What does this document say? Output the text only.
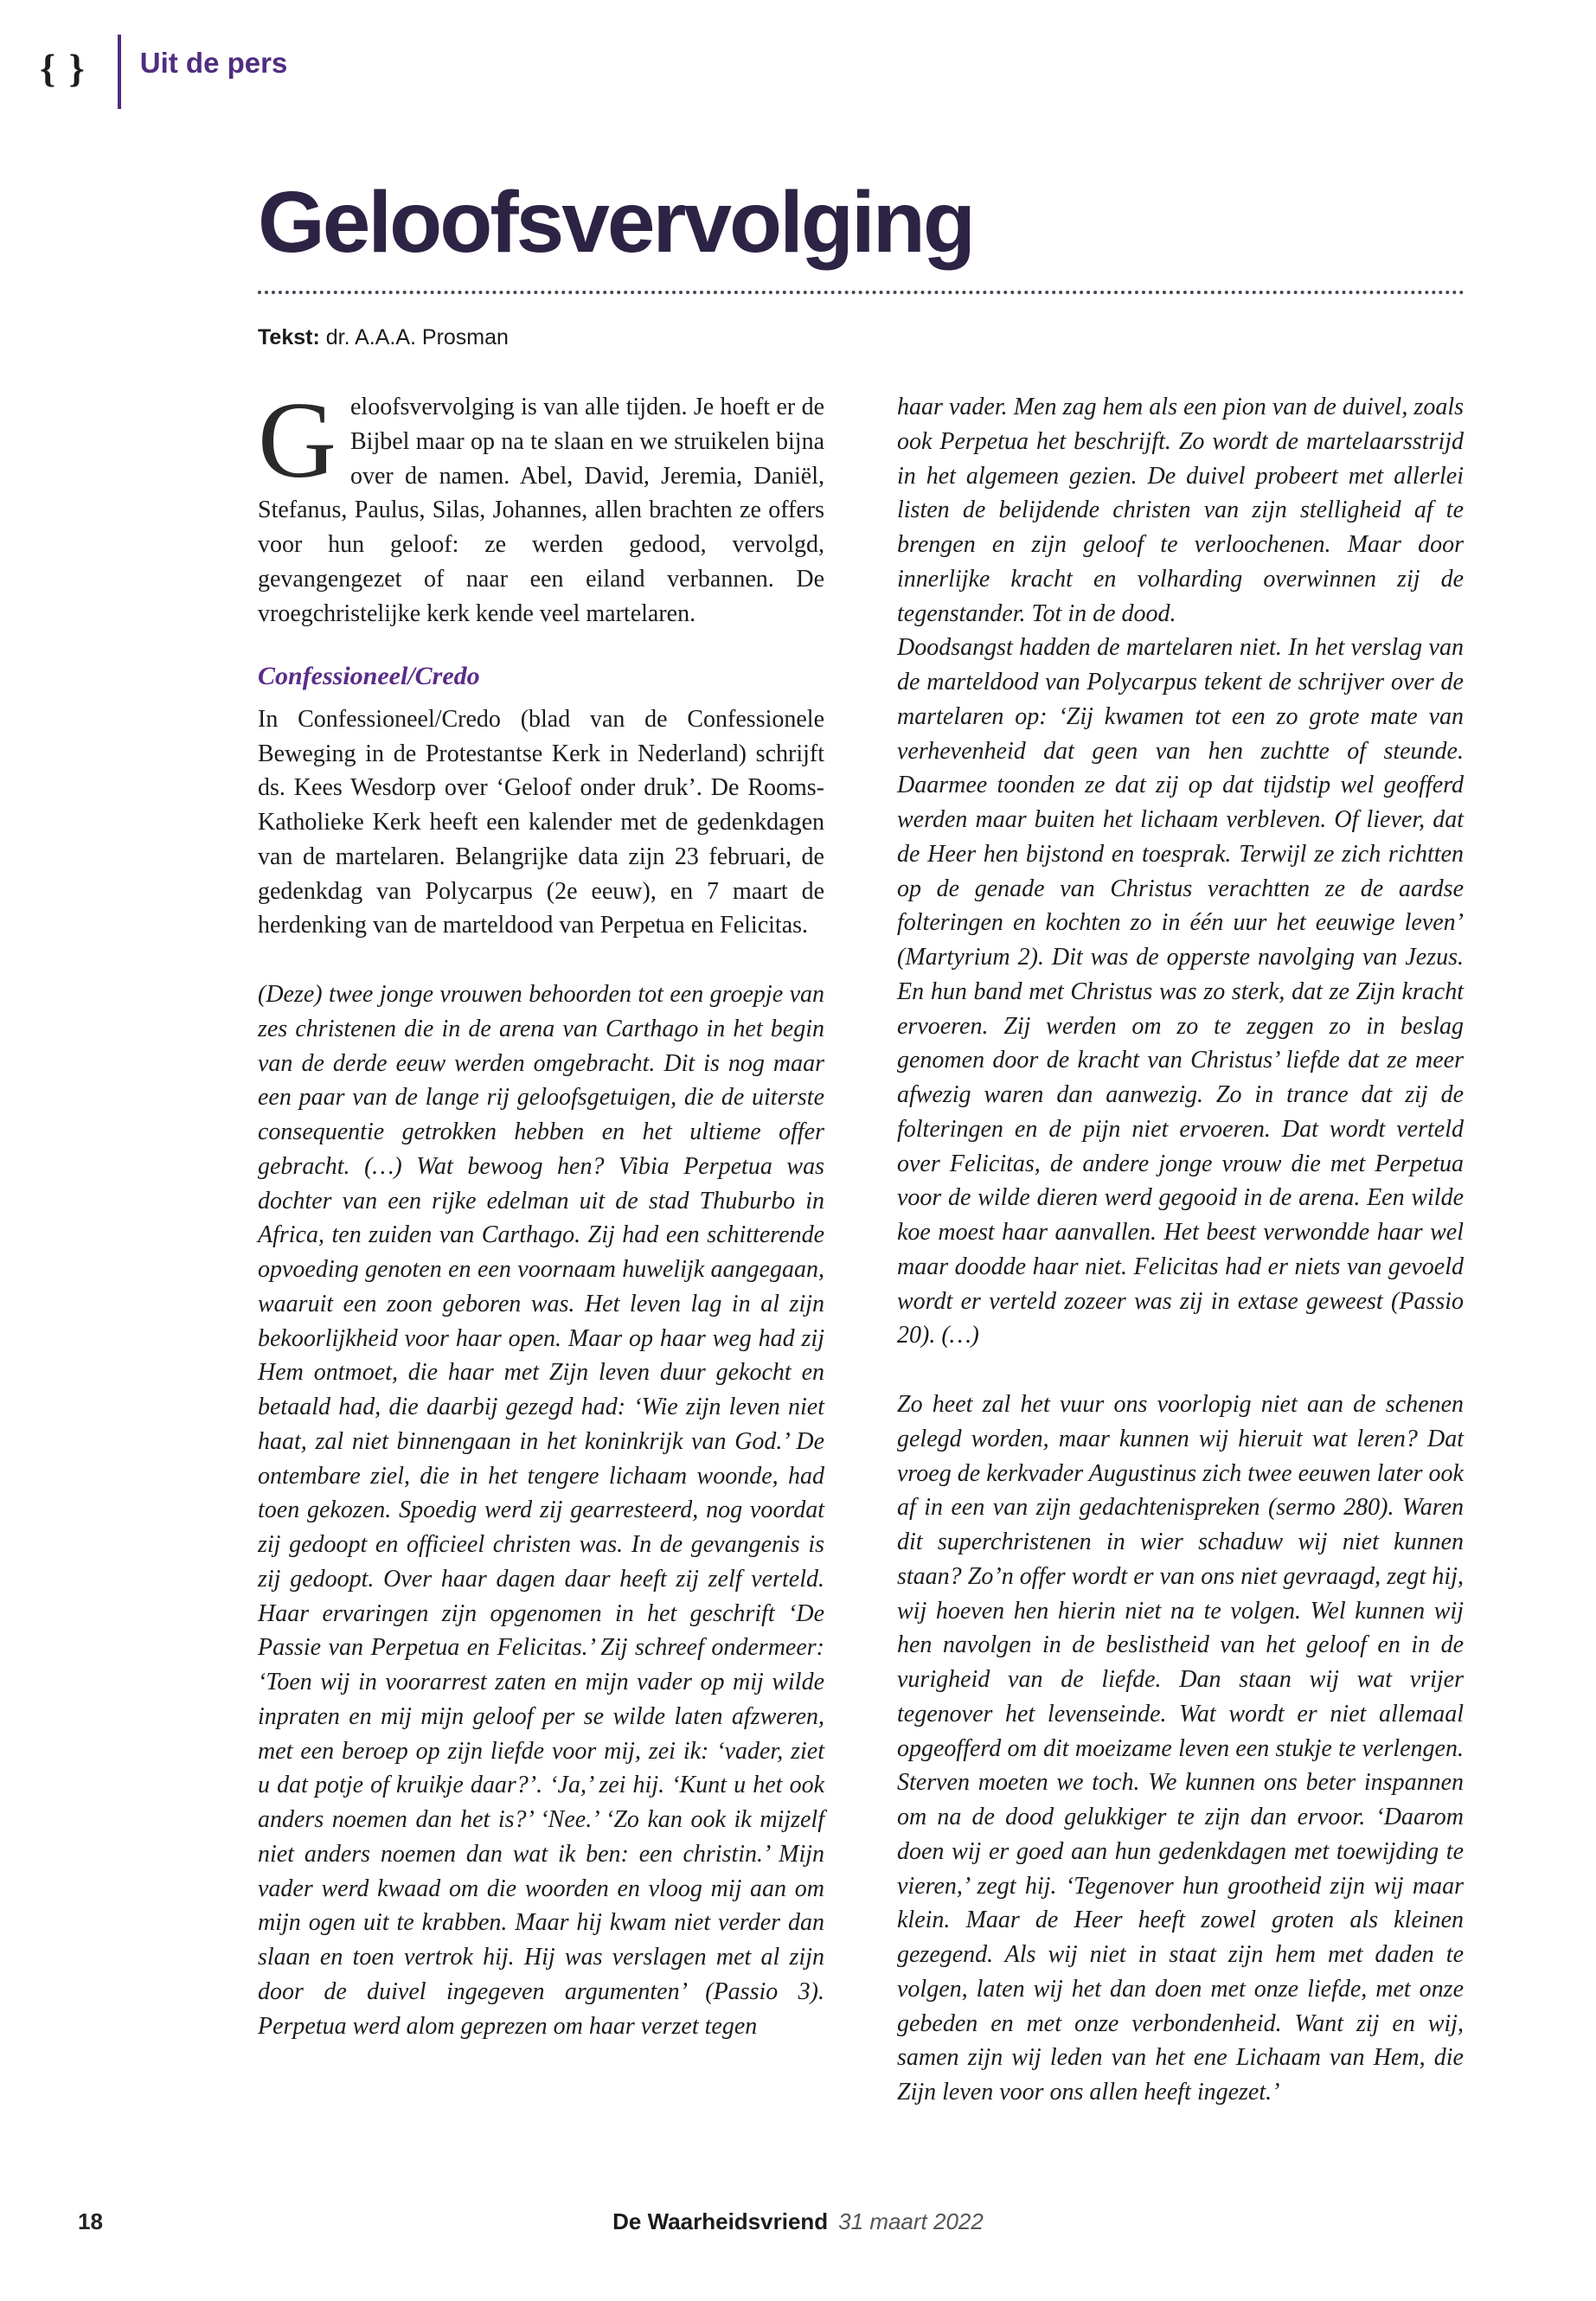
{ } Uit de pers
Geloofsvervolging
Tekst: dr. A.A.A. Prosman

Geloofsvervolging is van alle tijden. Je hoeft er de Bijbel maar op na te slaan en we struikelen bijna over de namen. Abel, David, Jeremia, Daniël, Stefanus, Paulus, Silas, Johannes, allen brachten ze offers voor hun geloof: ze werden gedood, vervolgd, gevangengezet of naar een eiland verbannen. De vroegchristelijke kerk kende veel martelaren.

Confessioneel/Credo

In Confessioneel/Credo (blad van de Confessionele Beweging in de Protestantse Kerk in Nederland) schrijft ds. Kees Wesdorp over ‘Geloof onder druk’. De Rooms-Katholieke Kerk heeft een kalender met de gedenkdagen van de martelaren. Belangrijke data zijn 23 februari, de gedenkdag van Polycarpus (2e eeuw), en 7 maart de herdenking van de marteldood van Perpetua en Felicitas.

(Deze) twee jonge vrouwen behoorden tot een groepje van zes christenen die in de arena van Carthago in het begin van de derde eeuw werden omgebracht. Dit is nog maar een paar van de lange rij geloofsgetuigen, die de uiterste consequentie getrokken hebben en het ultieme offer gebracht. (…) Wat bewoog hen? Vibia Perpetua was dochter van een rijke edelman uit de stad Thuburbo in Africa, ten zuiden van Carthago. Zij had een schitterende opvoeding genoten en een voornaam huwelijk aangegaan, waaruit een zoon geboren was. Het leven lag in al zijn bekoorlijkheid voor haar open. Maar op haar weg had zij Hem ontmoet, die haar met Zijn leven duur gekocht en betaald had, die daarbij gezegd had: ‘Wie zijn leven niet haat, zal niet binnengaan in het koninkrijk van God.’ De ontembare ziel, die in het tengere lichaam woonde, had toen gekozen. Spoedig werd zij gearresteerd, nog voordat zij gedoopt en officieel christen was. In de gevangenis is zij gedoopt. Over haar dagen daar heeft zij zelf verteld. Haar ervaringen zijn opgenomen in het geschrift ‘De Passie van Perpetua en Felicitas.’ Zij schreef ondermeer: ‘Toen wij in voorarrest zaten en mijn vader op mij wilde inpraten en mij mijn geloof per se wilde laten afzweren, met een beroep op zijn liefde voor mij, zei ik: ‘vader, ziet u dat potje of kruikje daar?’. ‘Ja,’ zei hij. ‘Kunt u het ook anders noemen dan het is?’ ‘Nee.’ ‘Zo kan ook ik mijzelf niet anders noemen dan wat ik ben: een christin.’ Mijn vader werd kwaad om die woorden en vloog mij aan om mijn ogen uit te krabben. Maar hij kwam niet verder dan slaan en toen vertrok hij. Hij was verslagen met al zijn door de duivel ingegeven argumenten’ (Passio 3). Perpetua werd alom geprezen om haar verzet tegen

haar vader. Men zag hem als een pion van de duivel, zoals ook Perpetua het beschrijft. Zo wordt de martelaarsstrijd in het algemeen gezien. De duivel probeert met allerlei listen de belijdende christen van zijn stelligheid af te brengen en zijn geloof te verloochenen. Maar door innerlijke kracht en volharding overwinnen zij de tegenstander. Tot in de dood.

Doodsangst hadden de martelaren niet. In het verslag van de marteldood van Polycarpus tekent de schrijver over de martelaren op: ‘Zij kwamen tot een zo grote mate van verhevenheid dat geen van hen zuchtte of steunde. Daarmee toonden ze dat zij op dat tijdstip wel geofferd werden maar buiten het lichaam verbleven. Of liever, dat de Heer hen bijstond en toesprak. Terwijl ze zich richtten op de genade van Christus verachtten ze de aardse folteringen en kochten zo in één uur het eeuwige leven’ (Martyrium 2). Dit was de opperste navolging van Jezus. En hun band met Christus was zo sterk, dat ze Zijn kracht ervoeren. Zij werden om zo te zeggen zo in beslag genomen door de kracht van Christus’ liefde dat ze meer afwezig waren dan aanwezig. Zo in trance dat zij de folteringen en de pijn niet ervoeren. Dat wordt verteld over Felicitas, de andere jonge vrouw die met Perpetua voor de wilde dieren werd gegooid in de arena. Een wilde koe moest haar aanvallen. Het beest verwondde haar wel maar doodde haar niet. Felicitas had er niets van gevoeld wordt er verteld zozeer was zij in extase geweest (Passio 20). (…)

Zo heet zal het vuur ons voorlopig niet aan de schenen gelegd worden, maar kunnen wij hieruit wat leren? Dat vroeg de kerkvader Augustinus zich twee eeuwen later ook af in een van zijn gedachtenispreken (sermo 280). Waren dit superchristenen in wier schaduw wij niet kunnen staan? Zo’n offer wordt er van ons niet gevraagd, zegt hij, wij hoeven hen hierin niet na te volgen. Wel kunnen wij hen navolgen in de beslistheid van het geloof en in de vurigheid van de liefde. Dan staan wij wat vrijer tegenover het levenseinde. Wat wordt er niet allemaal opgeofferd om dit moeizame leven een stukje te verlengen. Sterven moeten we toch. We kunnen ons beter inspannen om na de dood gelukkiger te zijn dan ervoor. ‘Daarom doen wij er goed aan hun gedenkdagen met toewijding te vieren,’ zegt hij. ‘Tegenover hun grootheid zijn wij maar klein. Maar de Heer heeft zowel groten als kleinen gezegend. Als wij niet in staat zijn hem met daden te volgen, laten wij het dan doen met onze liefde, met onze gebeden en met onze verbondenheid. Want zij en wij, samen zijn wij leden van het ene Lichaam van Hem, die Zijn leven voor ons allen heeft ingezet.’

18	De Waarheidsvriend 31 maart 2022
